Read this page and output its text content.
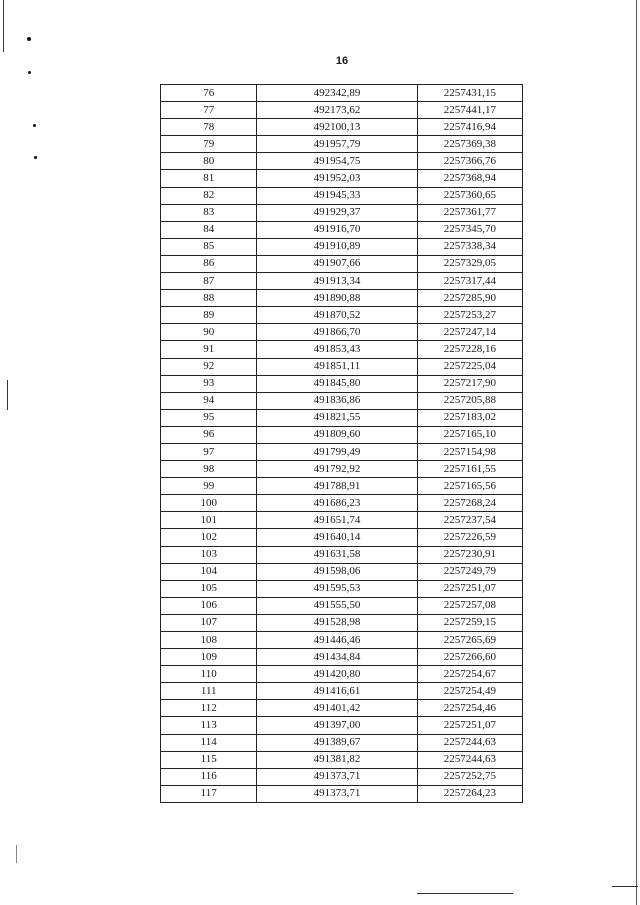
16
76	492342,89	2257431,15
77	492173,62	2257441,17
78	492100,13	2257416,94
79	491957,79	2257369,38
80	491954,75	2257366,76
81	491952,03	2257368,94
82	491945,33	2257360,65
83	491929,37	2257361,77
84	491916,70	2257345,70
85	491910,89	2257338,34
86	491907,66	2257329,05
87	491913,34	2257317,44
88	491890,88	2257285,90
89	491870,52	2257253,27
90	491866,70	2257247,14
91	491853,43	2257228,16
92	491851,11	2257225,04
93	491845,80	2257217,90
94	491836,86	2257205,88
95	491821,55	2257183,02
96	491809,60	2257165,10
97	491799,49	2257154,98
98	491792,92	2257161,55
99	491788,91	2257165,56
100	491686,23	2257268,24
101	491651,74	2257237,54
102	491640,14	2257226,59
103	491631,58	2257230,91
104	491598,06	2257249,79
105	491595,53	2257251,07
106	491555,50	2257257,08
107	491528,98	2257259,15
108	491446,46	2257265,69
109	491434,84	2257266,60
110	491420,80	2257254,67
111	491416,61	2257254,49
112	491401,42	2257254,46
113	491397,00	2257251,07
114	491389,67	2257244,63
115	491381,82	2257244,63
116	491373,71	2257252,75
117	491373,71	2257264,23
